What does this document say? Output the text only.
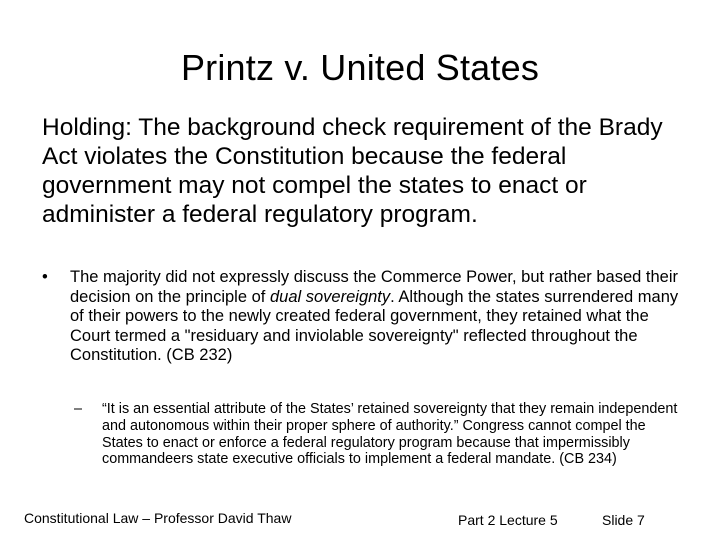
Printz v. United States
Holding: The background check requirement of the Brady Act violates the Constitution because the federal government may not compel the states to enact or administer a federal regulatory program.
• The majority did not expressly discuss the Commerce Power, but rather based their decision on the principle of dual sovereignty. Although the states surrendered many of their powers to the newly created federal government, they retained what the Court termed a "residuary and inviolable sovereignty" reflected throughout the Constitution. (CB 232)
– “It is an essential attribute of the States’ retained sovereignty that they remain independent and autonomous within their proper sphere of authority.” Congress cannot compel the States to enact or enforce a federal regulatory program because that impermissibly commandeers state executive officials to implement a federal mandate. (CB 234)
Constitutional Law – Professor David Thaw	Part 2 Lecture 5	Slide 7
